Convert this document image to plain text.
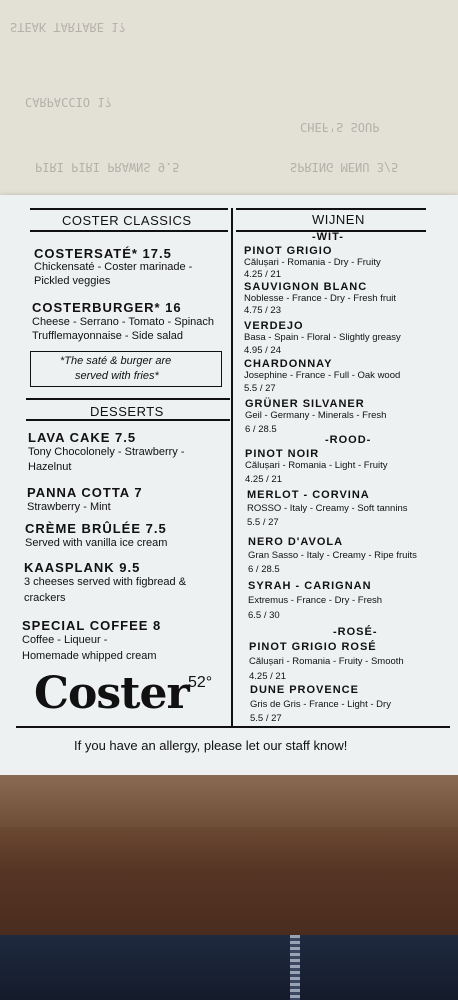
STEAK TARTARE 1?
CARPACCIO 1?
PIRI PIRI PRAWNS 9.5
CHEF'S SOUP
SPRING MENU 3/5
COSTER CLASSICS	WIJNEN
DESSERTS
COSTERSATÉ* 17.5
Chickensaté - Coster marinade -
Pickled veggies
COSTERBURGER* 16
Cheese - Serrano - Tomato - Spinach
Trufflemayonnaise - Side salad
*The saté & burger are
served with fries*
LAVA CAKE 7.5
Tony Chocolonely - Strawberry -
Hazelnut
PANNA COTTA 7
Strawberry - Mint
CRÈME BRÛLÉE 7.5
Served with vanilla ice cream
KAASPLANK 9.5
3 cheeses served with figbread &
crackers
SPECIAL COFFEE 8
Coffee - Liqueur -
Homemade whipped cream
Coster 52°
-WIT-
PINOT GRIGIO
Călușari - Romania - Dry - Fruity
4.25 / 21
SAUVIGNON BLANC
Noblesse - France - Dry - Fresh fruit
4.75 / 23
VERDEJO
Basa - Spain - Floral - Slightly greasy
4.95 / 24
CHARDONNAY
Josephine - France - Full - Oak wood
5.5 / 27
GRÜNER SILVANER
Geil - Germany - Minerals - Fresh
6 / 28.5
-ROOD-
PINOT NOIR
Călușari - Romania - Light - Fruity
4.25 / 21
MERLOT - CORVINA
ROSSO - Italy - Creamy - Soft tannins
5.5 / 27
NERO D'AVOLA
Gran Sasso - Italy - Creamy - Ripe fruits
6 / 28.5
SYRAH - CARIGNAN
Extremus - France - Dry - Fresh
6.5 / 30
-ROSÉ-
PINOT GRIGIO ROSÉ
Călușari - Romania - Fruity - Smooth
4.25 / 21
DUNE PROVENCE
Gris de Gris - France - Light - Dry
5.5 / 27
If you have an allergy, please let our staff know!
